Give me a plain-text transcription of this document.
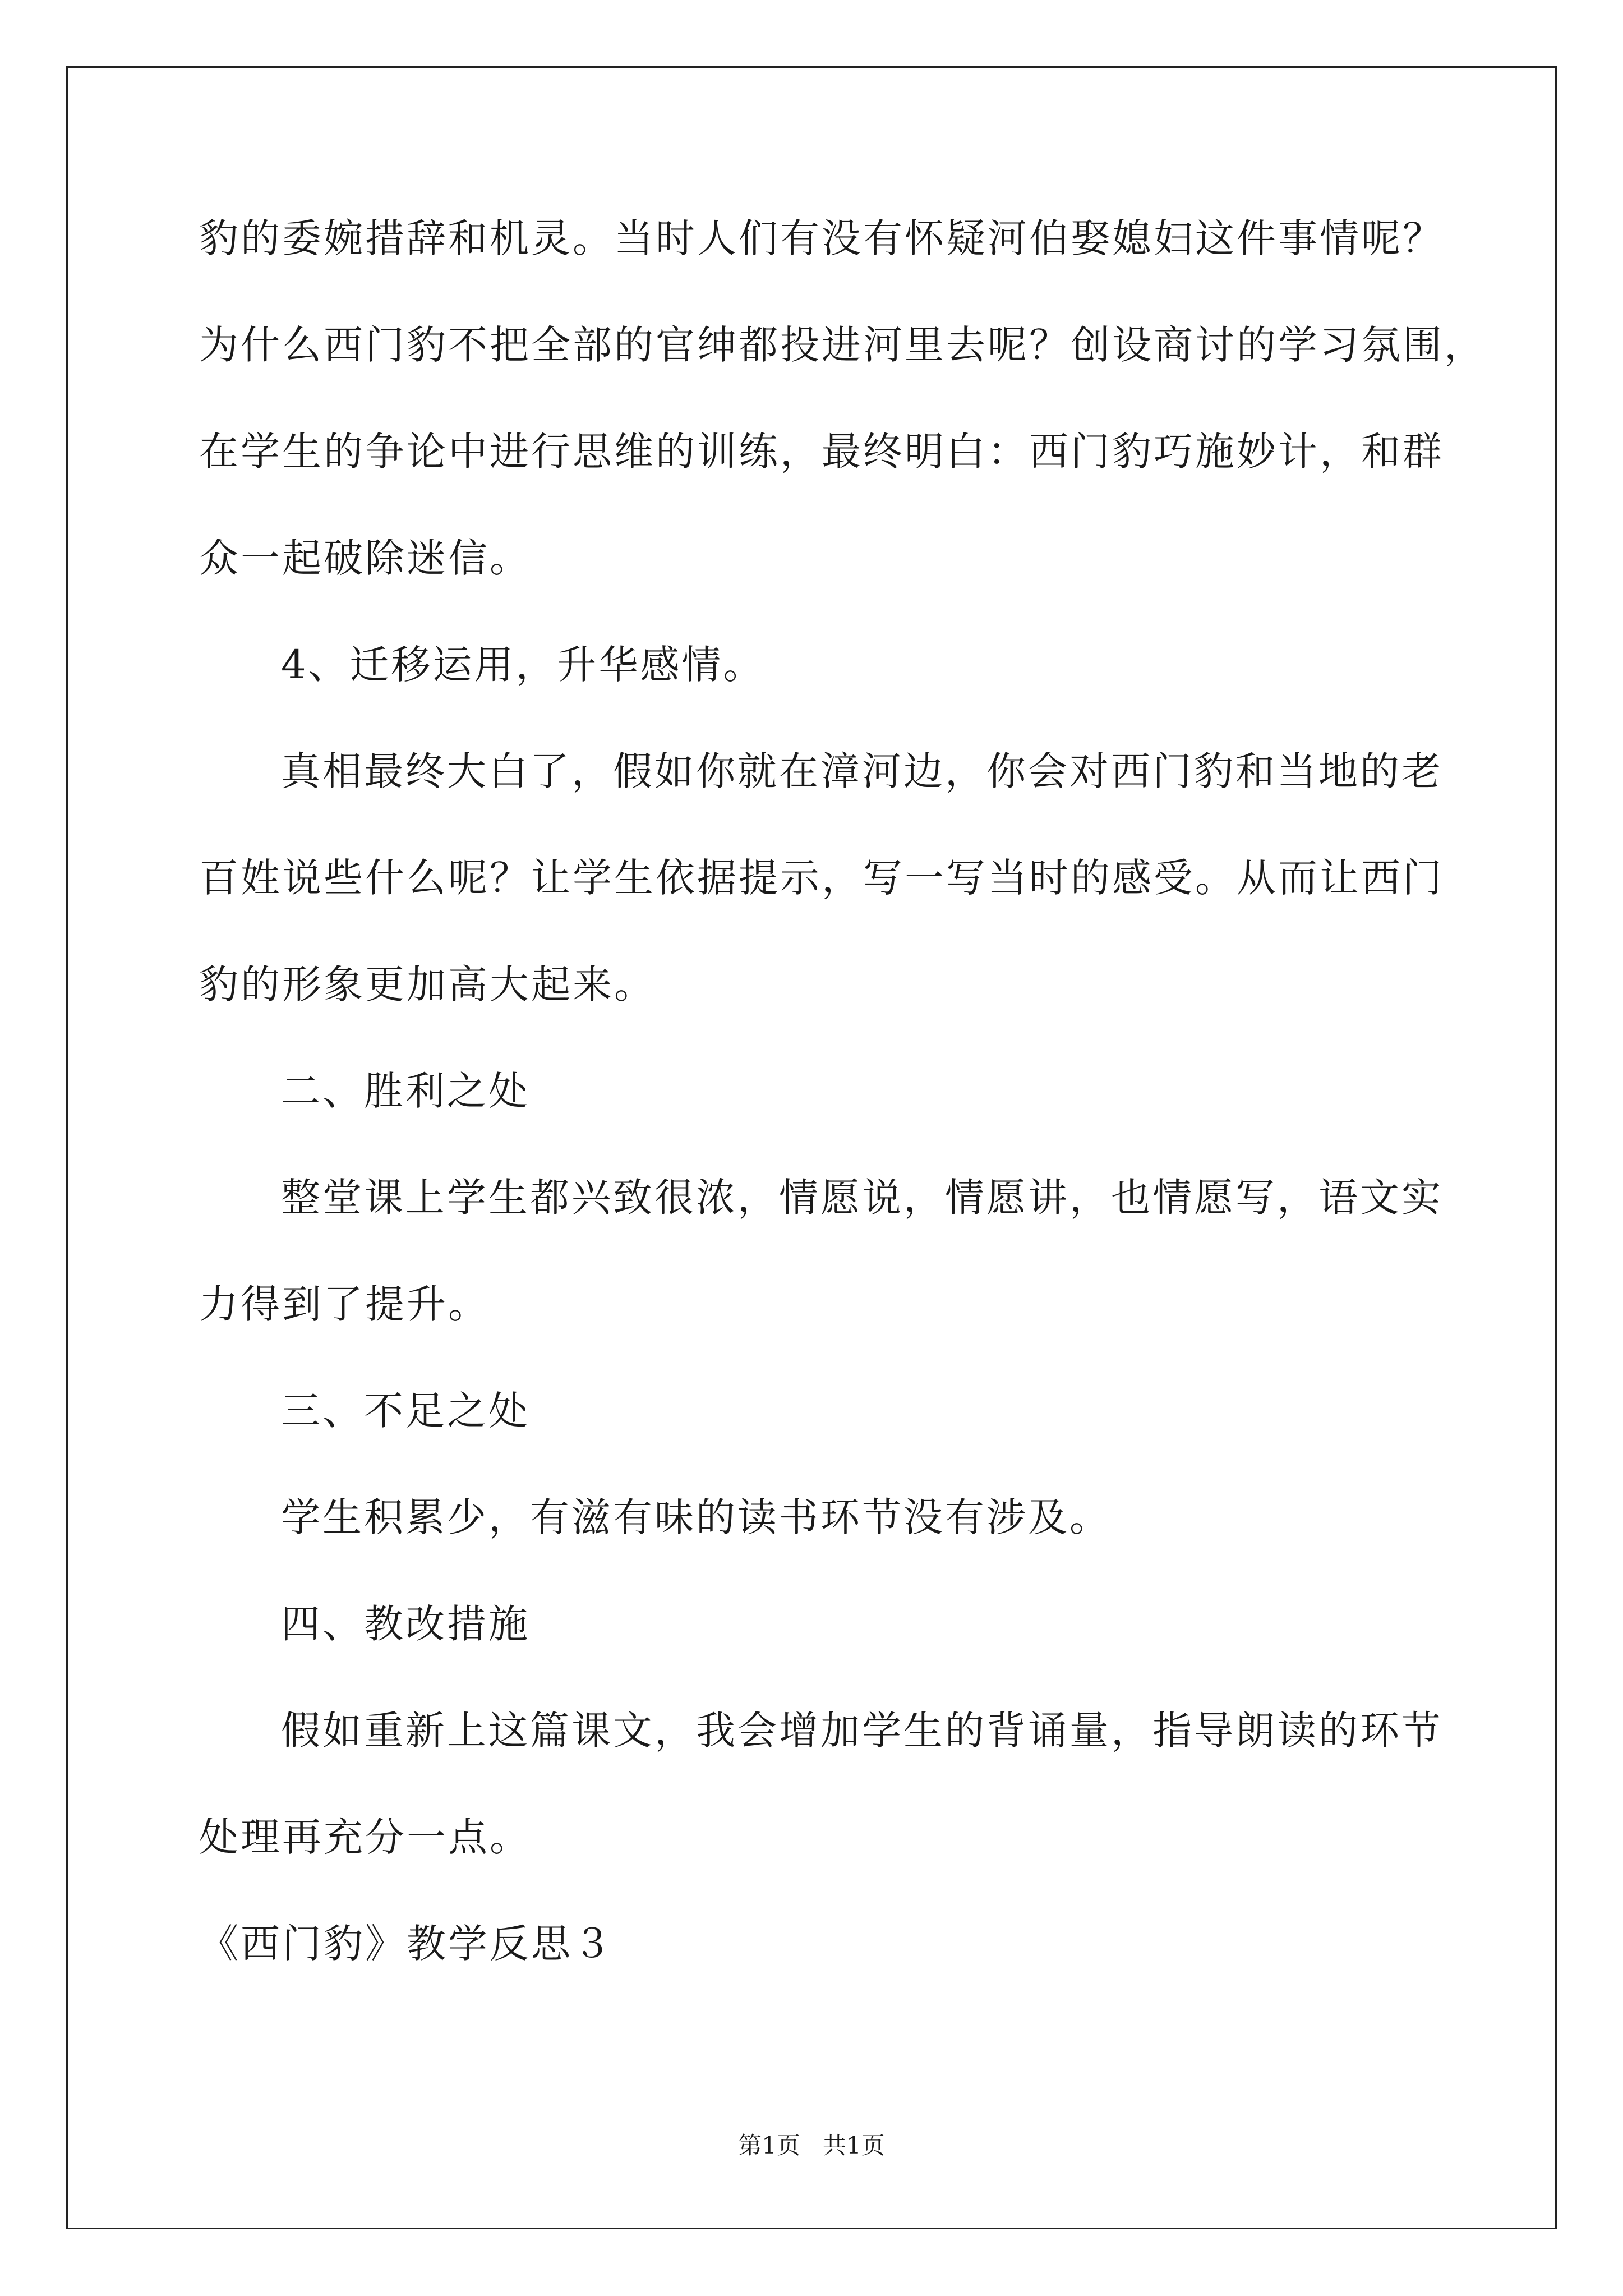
豹的委婉措辞和机灵。当时人们有没有怀疑河伯娶媳妇这件事情呢？
为什么西门豹不把全部的官绅都投进河里去呢？创设商讨的学习氛围，
在学生的争论中进行思维的训练，最终明白：西门豹巧施妙计，和群
众一起破除迷信。
4、迁移运用，升华感情。
真相最终大白了，假如你就在漳河边，你会对西门豹和当地的老
百姓说些什么呢？让学生依据提示，写一写当时的感受。从而让西门
豹的形象更加高大起来。
二、胜利之处
整堂课上学生都兴致很浓，情愿说，情愿讲，也情愿写，语文实
力得到了提升。
三、不足之处
学生积累少，有滋有味的读书环节没有涉及。
四、教改措施
假如重新上这篇课文，我会增加学生的背诵量，指导朗读的环节
处理再充分一点。
《西门豹》教学反思３
第1页   共1页
